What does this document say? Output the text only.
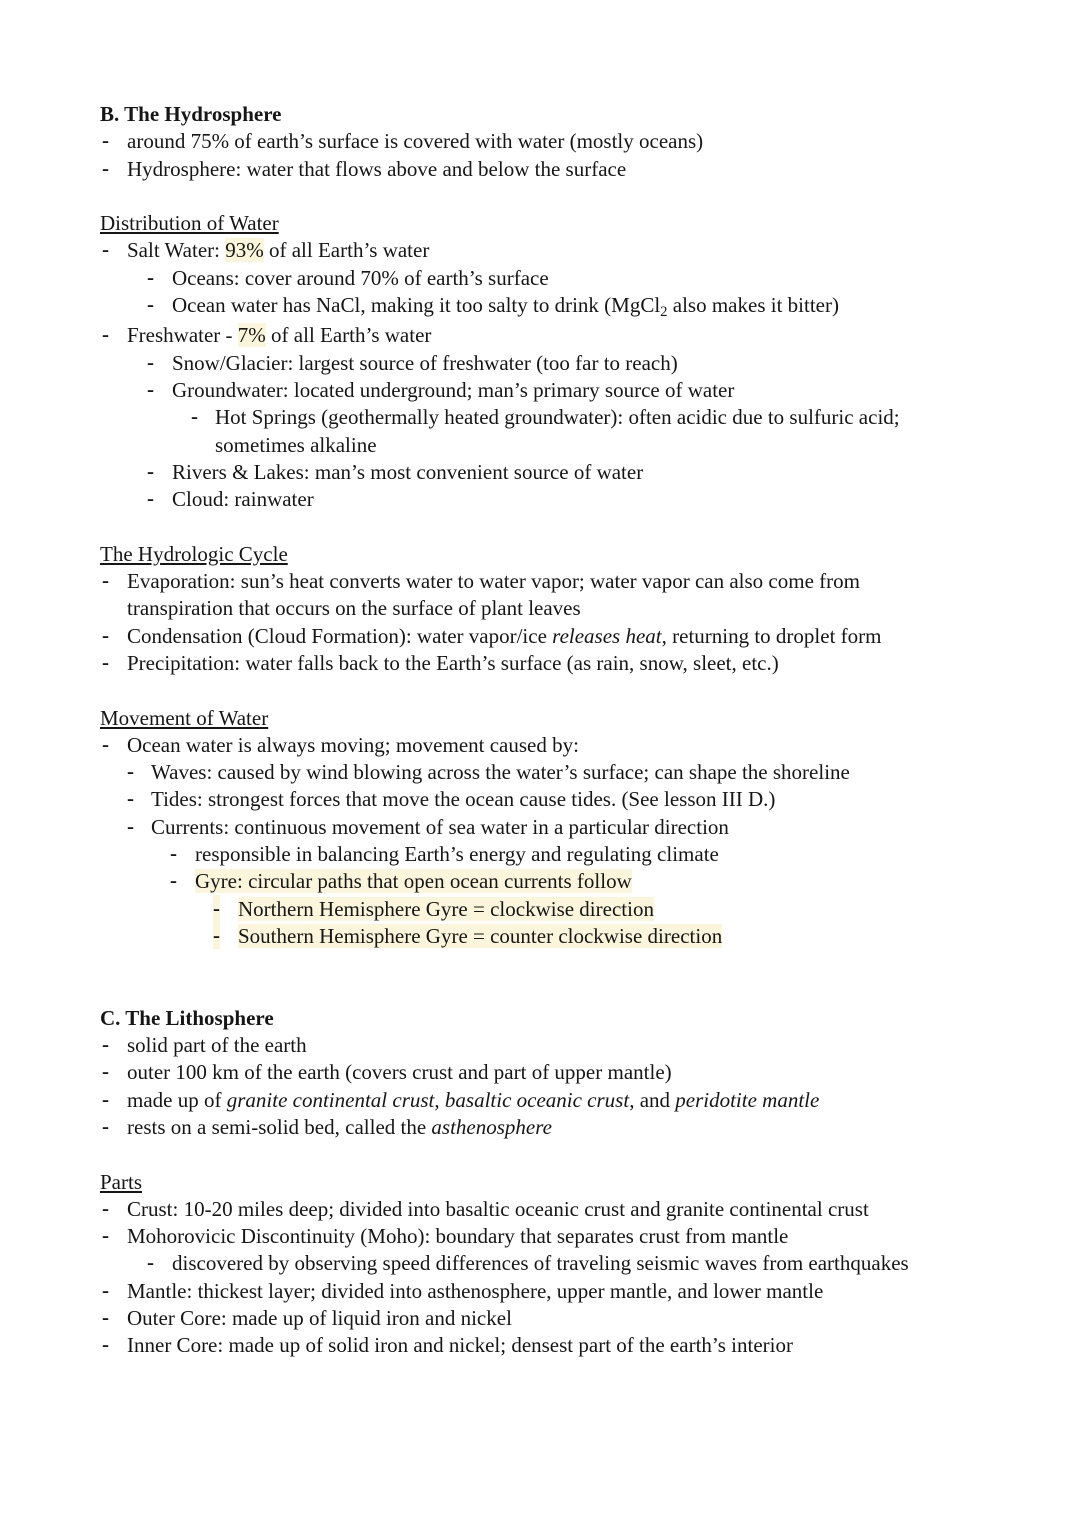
B. The Hydrosphere
- around 75% of earth’s surface is covered with water (mostly oceans)
- Hydrosphere: water that flows above and below the surface
Distribution of Water
- Salt Water: 93% of all Earth’s water
- Oceans: cover around 70% of earth’s surface
- Ocean water has NaCl, making it too salty to drink (MgCl2 also makes it bitter)
- Freshwater - 7% of all Earth’s water
- Snow/Glacier: largest source of freshwater (too far to reach)
- Groundwater: located underground; man’s primary source of water
- Hot Springs (geothermally heated groundwater): often acidic due to sulfuric acid;
sometimes alkaline
- Rivers & Lakes: man’s most convenient source of water
- Cloud: rainwater
The Hydrologic Cycle
- Evaporation: sun’s heat converts water to water vapor; water vapor can also come from
transpiration that occurs on the surface of plant leaves
- Condensation (Cloud Formation): water vapor/ice releases heat, returning to droplet form
- Precipitation: water falls back to the Earth’s surface (as rain, snow, sleet, etc.)
Movement of Water
- Ocean water is always moving; movement caused by:
- Waves: caused by wind blowing across the water’s surface; can shape the shoreline
- Tides: strongest forces that move the ocean cause tides. (See lesson III D.)
- Currents: continuous movement of sea water in a particular direction
- responsible in balancing Earth’s energy and regulating climate
- Gyre: circular paths that open ocean currents follow
- Northern Hemisphere Gyre = clockwise direction
- Southern Hemisphere Gyre = counter clockwise direction
C. The Lithosphere
- solid part of the earth
- outer 100 km of the earth (covers crust and part of upper mantle)
- made up of granite continental crust, basaltic oceanic crust, and peridotite mantle
- rests on a semi-solid bed, called the asthenosphere
Parts
- Crust: 10-20 miles deep; divided into basaltic oceanic crust and granite continental crust
- Mohorovicic Discontinuity (Moho): boundary that separates crust from mantle
- discovered by observing speed differences of traveling seismic waves from earthquakes
- Mantle: thickest layer; divided into asthenosphere, upper mantle, and lower mantle
- Outer Core: made up of liquid iron and nickel
- Inner Core: made up of solid iron and nickel; densest part of the earth’s interior
